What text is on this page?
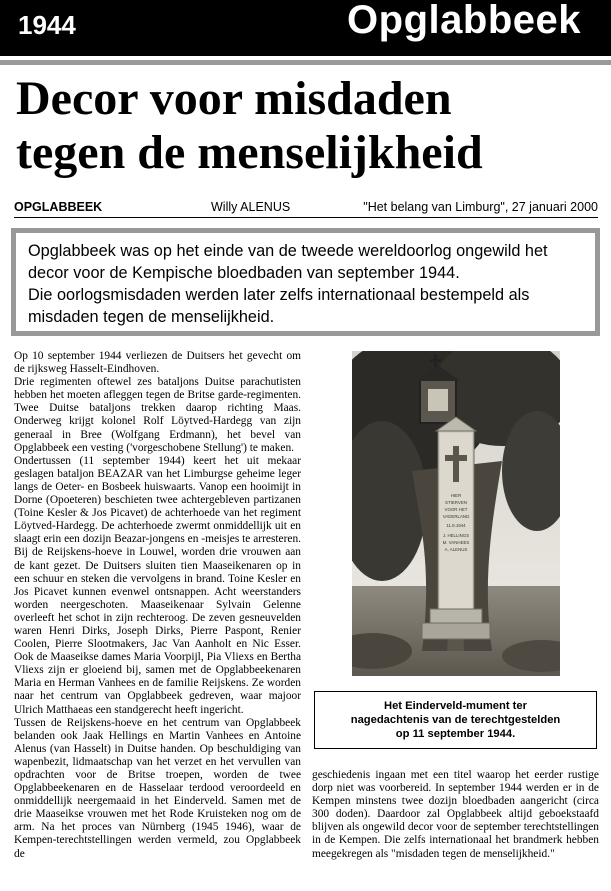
1944	Opglabbeek
Decor voor misdaden
tegen de menselijkheid
OPGLABBEEK	Willy ALENUS	"Het belang van Limburg", 27 januari 2000

Opglabbeek was op het einde van de tweede wereldoorlog ongewild het decor voor de Kempische bloedbaden van september 1944.

Die oorlogsmisdaden werden later zelfs internationaal bestempeld als misdaden tegen de menselijkheid.

Op 10 september 1944 verliezen de Duitsers het gevecht om de rijksweg Hasselt-Eindhoven.

Drie regimenten oftewel zes bataljons Duitse parachutisten hebben het moeten afleggen tegen de Britse garde-regimenten. Twee Duitse bataljons trekken daarop richting Maas. Onderweg krijgt kolonel Rolf Löytved-Hardegg van zijn generaal in Bree (Wolfgang Erdmann), het bevel van Opglabbeek een vesting ('vorgeschobene Stellung') te maken.

Ondertussen (11 september 1944) keert het uit mekaar geslagen bataljon BEAZAR van het Limburgse geheime leger langs de Oeter- en Bosbeek huiswaarts. Vanop een hooimijt in Dorne (Opoeteren) beschieten twee achtergebleven partizanen (Toine Kesler & Jos Picavet) de achterhoede van het regiment Löytved-Hardegg. De achterhoede zwermt onmiddellijk uit en slaagt erin een dozijn Beazar-jongens en -meisjes te arresteren. Bij de Reijskens-hoeve in Louwel, worden drie vrouwen aan de kant gezet. De Duitsers sluiten tien Maaseikenaren op in een schuur en steken die vervolgens in brand. Toine Kesler en Jos Picavet kunnen evenwel ontsnappen. Acht weerstanders worden neergeschoten. Maaseikenaar Sylvain Gelenne overleeft het schot in zijn rechteroog. De zeven gesneuvelden waren Henri Dirks, Joseph Dirks, Pierre Paspont, Renier Coolen, Pierre Slootmakers, Jac Van Aanholt en Nic Esser. Ook de Maaseikse dames Maria Voorpijl, Pia Vliexs en Bertha Vliexs zijn er gloeiend bij, samen met de Opglabbeekenaren Maria en Herman Vanhees en de familie Reijskens. Ze worden naar het centrum van Opglabbeek gedreven, waar majoor Ulrich Matthaeas een standgerecht heeft ingericht.

Tussen de Reijskens-hoeve en het centrum van Opglabbeek belanden ook Jaak Hellings en Martin Vanhees en Antoine Alenus (van Hasselt) in Duitse handen. Op beschuldiging van wapenbezit, lidmaatschap van het verzet en het vervullen van opdrachten voor de Britse troepen, worden de twee Opglabbeekenaren en de Hasselaar terdood veroordeeld en onmiddellijk neergemaaid in het Einderveld. Samen met de drie Maaseikse vrouwen met het Rode Kruisteken nog om de arm. Na het proces van Nürnberg (1945 1946), waar de Kempen-terechtstellingen werden vermeld, zou Opglabbeek de

HIER
STIERVEN
VOOR HET
VADERLAND
11.9.1944
J. HELLINGS
M. VANHEES
A. ALENUS
Het Einderveld-mument ter
nagedachtenis van de terechtgestelden
op 11 september 1944.

geschiedenis ingaan met een titel waarop het eerder rustige dorp niet was voorbereid. In september 1944 werden er in de Kempen minstens twee dozijn bloedbaden aangericht (circa 300 doden). Daardoor zal Opglabbeek altijd geboekstaafd blijven als ongewild decor voor de september terechtstellingen in de Kempen. Die zelfs internationaal het brandmerk hebben meegekregen als "misdaden tegen de menselijkheid."
